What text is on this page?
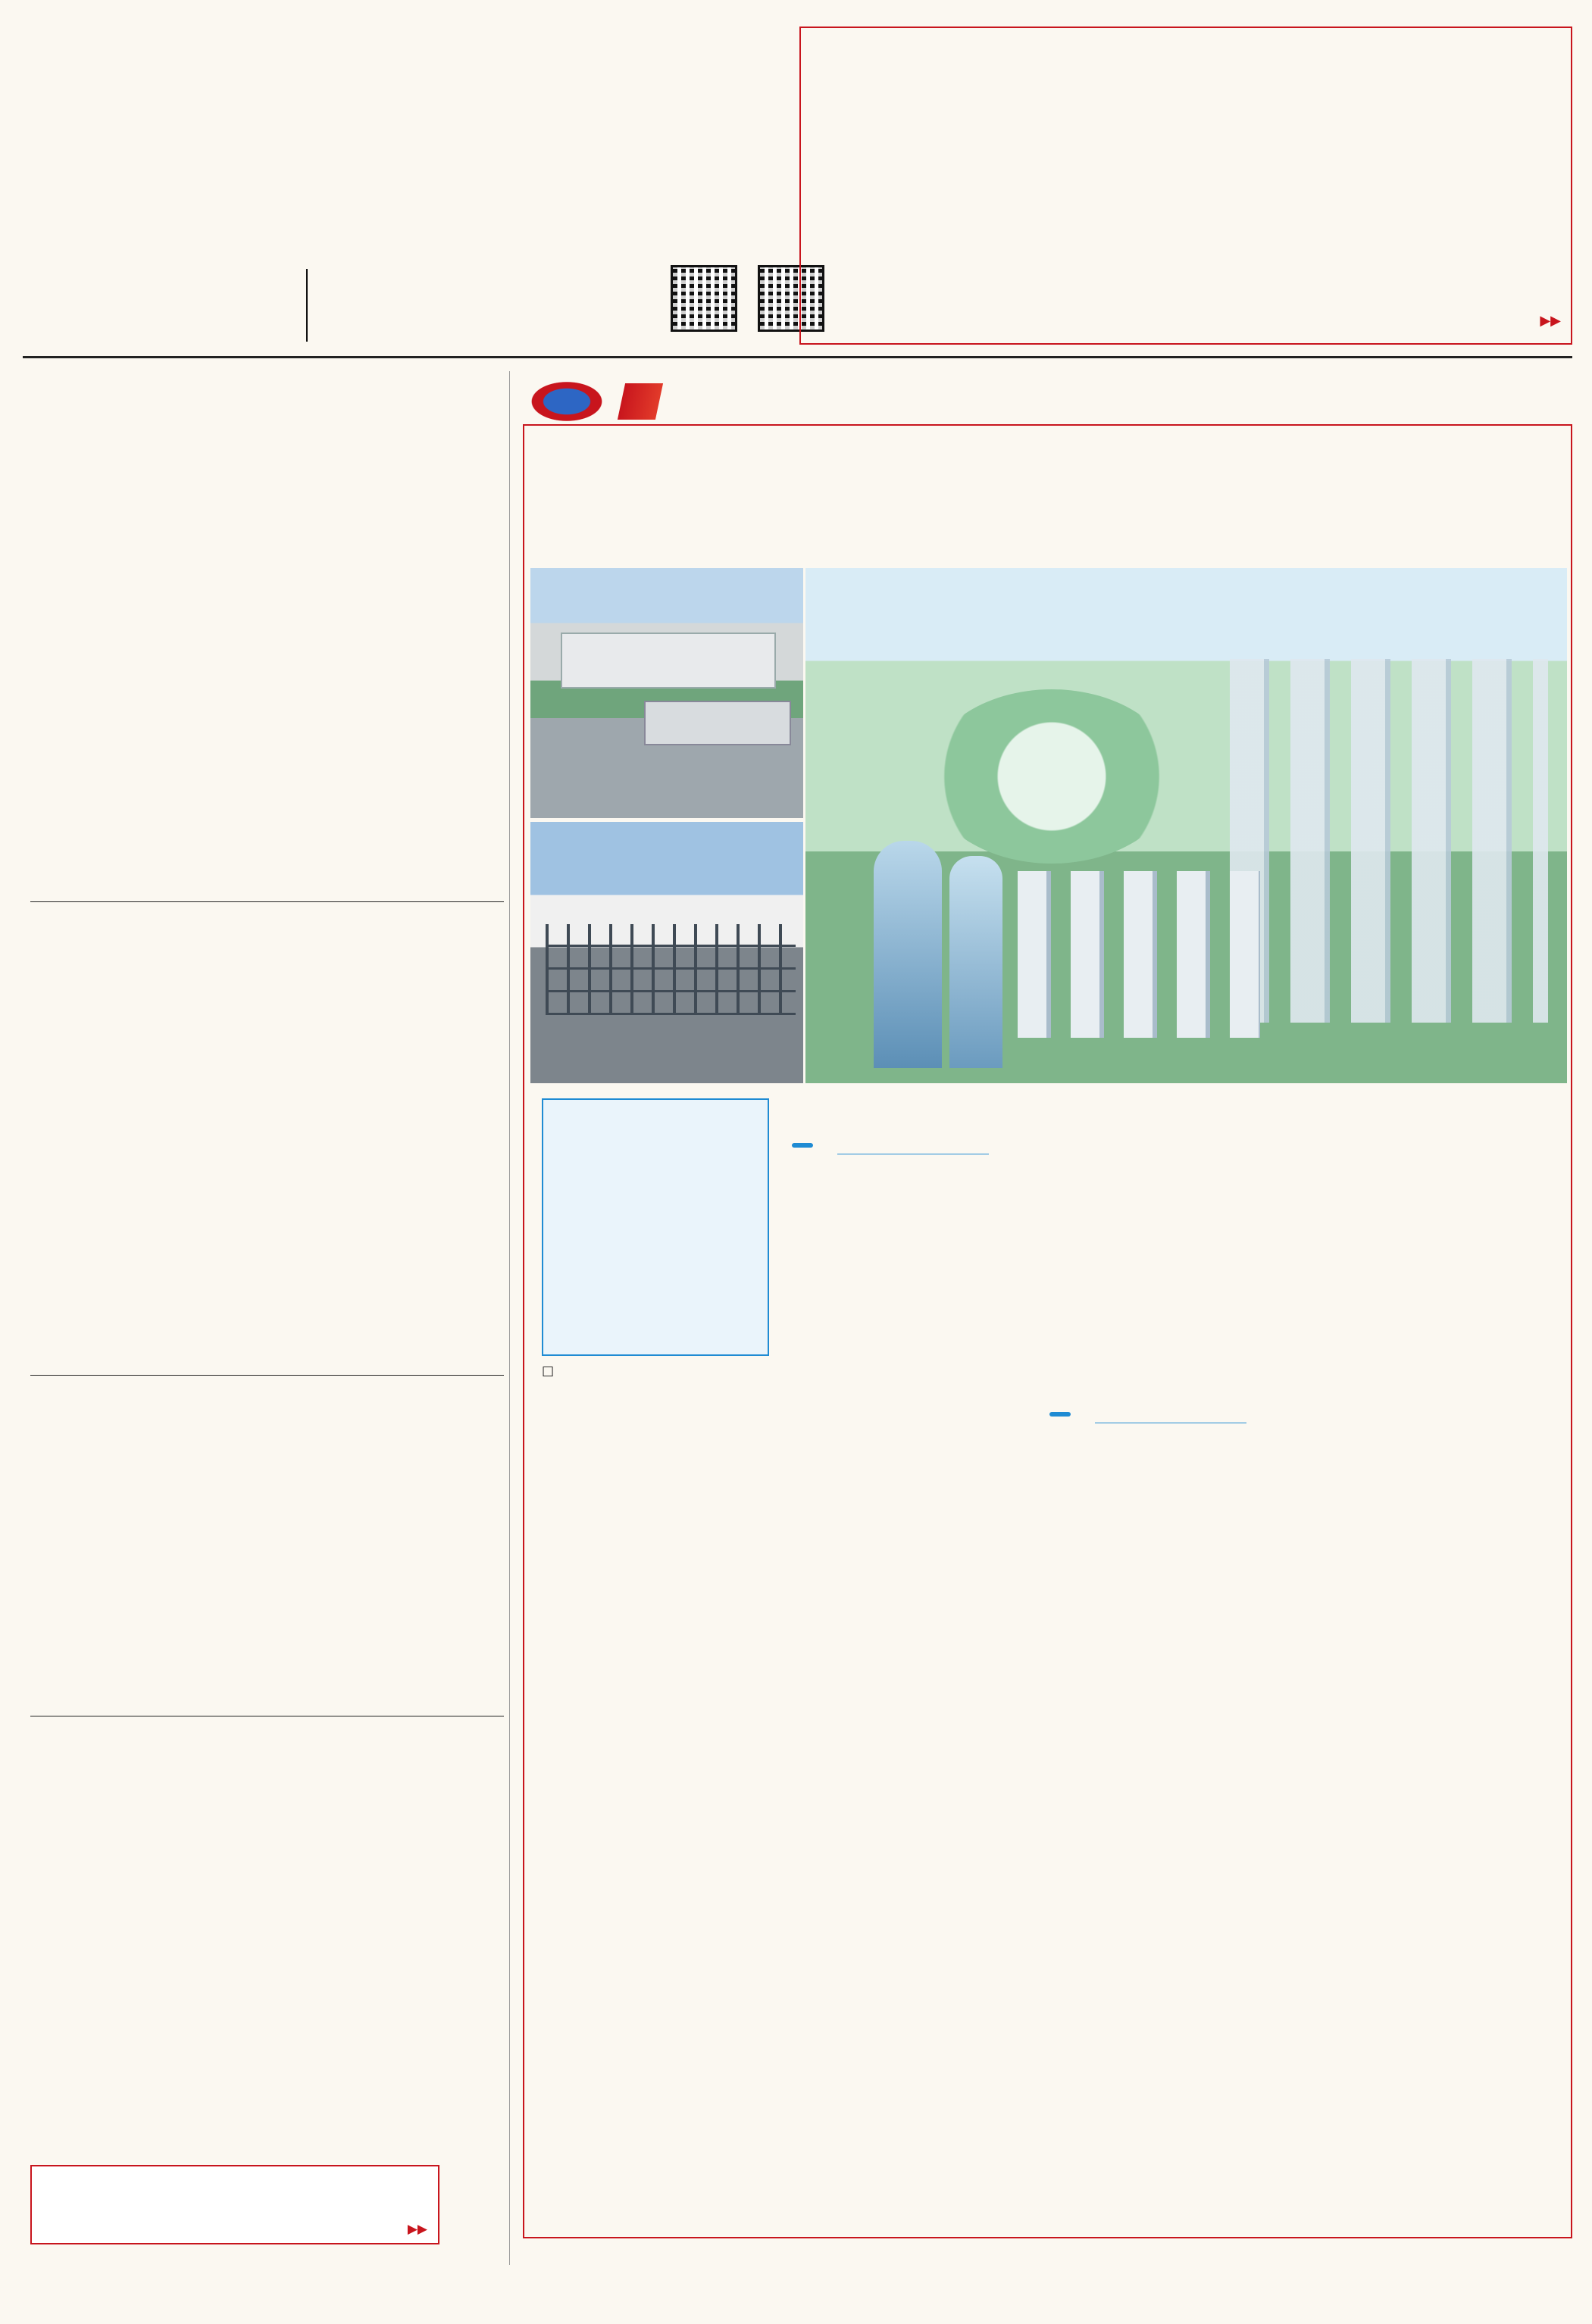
▶▶

▶▶
□
